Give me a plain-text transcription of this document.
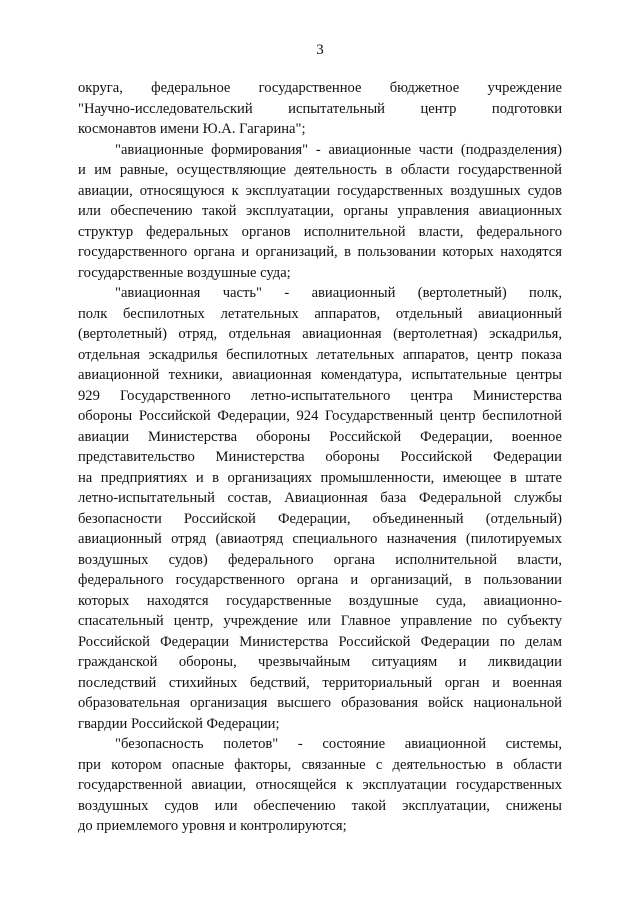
3
округа, федеральное государственное бюджетное учреждение
"Научно-исследовательский испытательный центр подготовки
космонавтов имени Ю.А. Гагарина";
"авиационные формирования" - авиационные части (подразделения)
и им равные, осуществляющие деятельность в области государственной
авиации, относящуюся к эксплуатации государственных воздушных судов
или обеспечению такой эксплуатации, органы управления авиационных
структур федеральных органов исполнительной власти, федерального
государственного органа и организаций, в пользовании которых находятся
государственные воздушные суда;
"авиационная часть" - авиационный (вертолетный) полк,
полк беспилотных летательных аппаратов, отдельный авиационный
(вертолетный) отряд, отдельная авиационная (вертолетная) эскадрилья,
отдельная эскадрилья беспилотных летательных аппаратов, центр показа
авиационной техники, авиационная комендатура, испытательные центры
929 Государственного летно-испытательного центра Министерства
обороны Российской Федерации, 924 Государственный центр беспилотной
авиации Министерства обороны Российской Федерации, военное
представительство Министерства обороны Российской Федерации
на предприятиях и в организациях промышленности, имеющее в штате
летно-испытательный состав, Авиационная база Федеральной службы
безопасности Российской Федерации, объединенный (отдельный)
авиационный отряд (авиаотряд специального назначения (пилотируемых
воздушных судов) федерального органа исполнительной власти,
федерального государственного органа и организаций, в пользовании
которых находятся государственные воздушные суда, авиационно-
спасательный центр, учреждение или Главное управление по субъекту
Российской Федерации Министерства Российской Федерации по делам
гражданской обороны, чрезвычайным ситуациям и ликвидации
последствий стихийных бедствий, территориальный орган и военная
образовательная организация высшего образования войск национальной
гвардии Российской Федерации;
"безопасность полетов" - состояние авиационной системы,
при котором опасные факторы, связанные с деятельностью в области
государственной авиации, относящейся к эксплуатации государственных
воздушных судов или обеспечению такой эксплуатации, снижены
до приемлемого уровня и контролируются;
